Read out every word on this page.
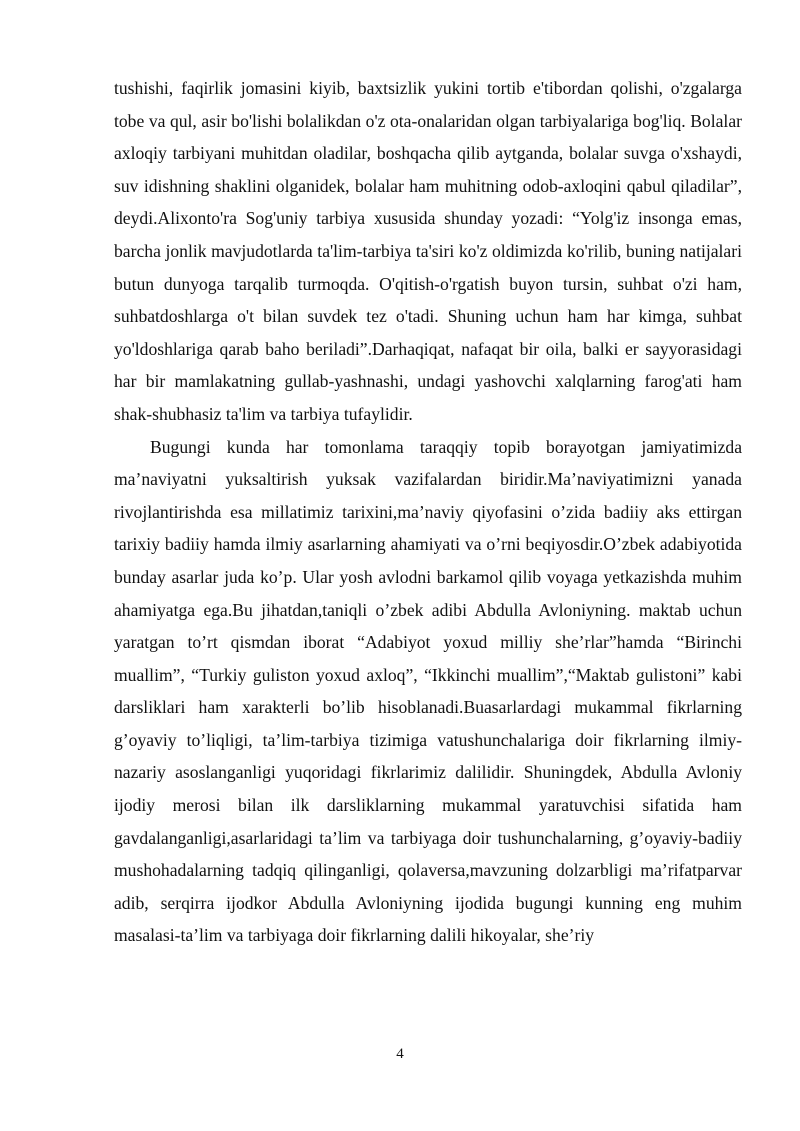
tushishi, faqirlik jomasini kiyib, baxtsizlik yukini tortib e'tibordan qolishi, o'zgalarga tobe va qul, asir bo'lishi bolalikdan o'z ota-onalaridan olgan tarbiyalariga bog'liq. Bolalar axloqiy tarbiyani muhitdan oladilar, boshqacha qilib aytganda, bolalar suvga o'xshaydi, suv idishning shaklini olganidek, bolalar ham muhitning odob-axloqini qabul qiladilar”, deydi.Alixonto'ra Sog'uniy tarbiya xususida shunday yozadi: “Yolg'iz insonga emas, barcha jonlik mavjudotlarda ta'lim-tarbiya ta'siri ko'z oldimizda ko'rilib, buning natijalari butun dunyoga tarqalib turmoqda. O'qitish-o'rgatish buyon tursin, suhbat o'zi ham, suhbatdoshlarga o't bilan suvdek tez o'tadi. Shuning uchun ham har kimga, suhbat yo'ldoshlariga qarab baho beriladi”.Darhaqiqat, nafaqat bir oila, balki er sayyorasidagi har bir mamlakatning gullab-yashnashi, undagi yashovchi xalqlarning farog'ati ham shak-shubhasiz ta'lim va tarbiya tufaylidir.

Bugungi kunda har tomonlama taraqqiy topib borayotgan jamiyatimizda ma’naviyatni yuksaltirish yuksak vazifalardan biridir.Ma’naviyatimizni yanada rivojlantirishda esa millatimiz tarixini,ma’naviy qiyofasini o’zida badiiy aks ettirgan tarixiy badiiy hamda ilmiy asarlarning ahamiyati va o’rni beqiyosdir.O’zbek adabiyotida bunday asarlar juda ko’p. Ular yosh avlodni barkamol qilib voyaga yetkazishda muhim ahamiyatga ega.Bu jihatdan,taniqli o’zbek adibi Abdulla Avloniyning. maktab uchun yaratgan to’rt qismdan iborat “Adabiyot yoxud milliy she’rlar”hamda “Birinchi muallim”, “Turkiy guliston yoxud axloq”, “Ikkinchi muallim”,“Maktab gulistoni” kabi darsliklari ham xarakterli bo’lib hisoblanadi.Buasarlardagi mukammal fikrlarning g’oyaviy to’liqligi, ta’lim-tarbiya tizimiga vatushunchalariga doir fikrlarning ilmiy-nazariy asoslanganligi yuqoridagi fikrlarimiz dalilidir. Shuningdek, Abdulla Avloniy ijodiy merosi bilan ilk darsliklarning mukammal yaratuvchisi sifatida ham gavdalanganligi,asarlaridagi ta’lim va tarbiyaga doir tushunchalarning, g’oyaviy-badiiy mushohadalarning tadqiq qilinganligi, qolaversa,mavzuning dolzarbligi ma’rifatparvar adib, serqirra ijodkor Abdulla Avloniyning ijodida bugungi kunning eng muhim masalasi-ta’lim va tarbiyaga doir fikrlarning dalili hikoyalar, she’riy

4
